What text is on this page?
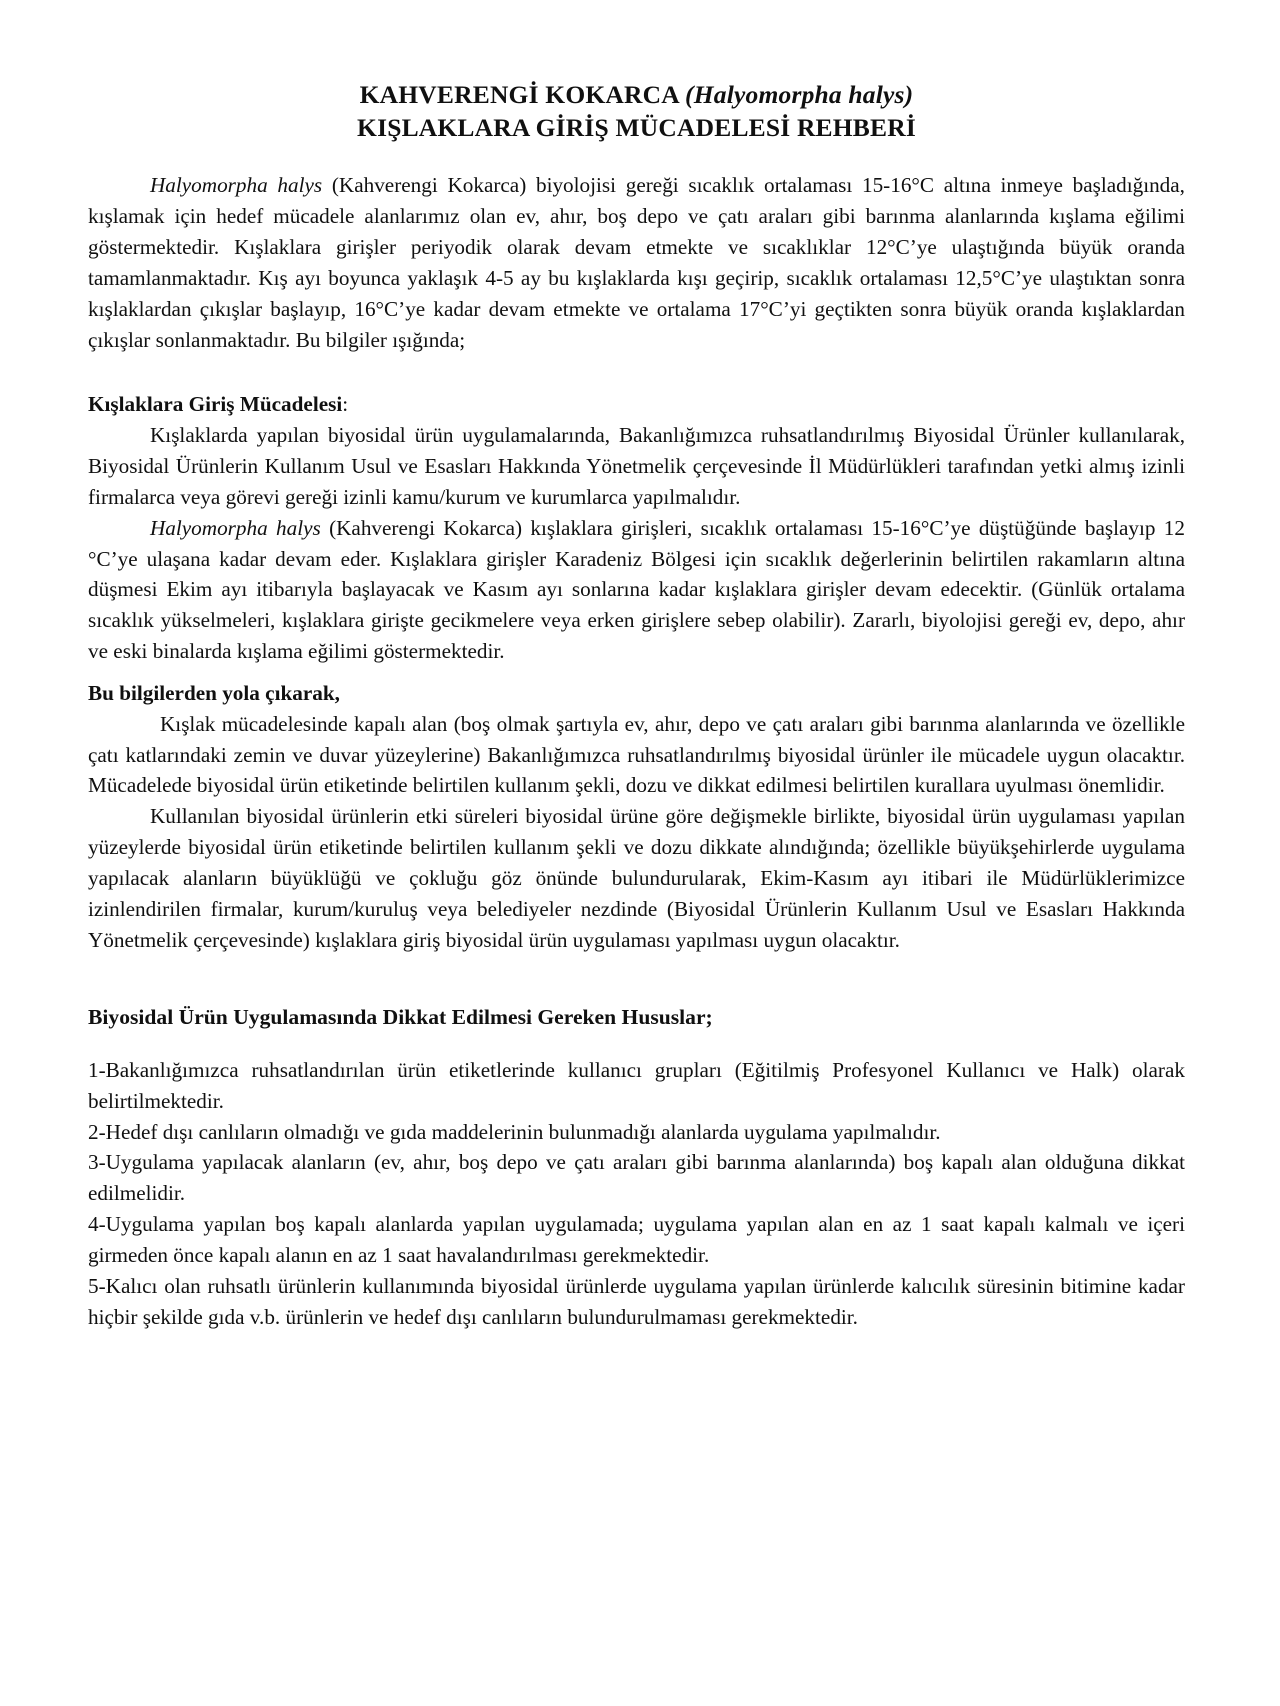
KAHVERENGİ KOKARCA (Halyomorpha halys)
KIŞLAKLARA GİRİŞ MÜCADELESİ REHBERİ

Halyomorpha halys (Kahverengi Kokarca) biyolojisi gereği sıcaklık ortalaması 15-16°C altına inmeye başladığında, kışlamak için hedef mücadele alanlarımız olan ev, ahır, boş depo ve çatı araları gibi barınma alanlarında kışlama eğilimi göstermektedir. Kışlaklara girişler periyodik olarak devam etmekte ve sıcaklıklar 12°C’ye ulaştığında büyük oranda tamamlanmaktadır. Kış ayı boyunca yaklaşık 4-5 ay bu kışlaklarda kışı geçirip, sıcaklık ortalaması 12,5°C’ye ulaştıktan sonra kışlaklardan çıkışlar başlayıp, 16°C’ye kadar devam etmekte ve ortalama 17°C’yi geçtikten sonra büyük oranda kışlaklardan çıkışlar sonlanmaktadır. Bu bilgiler ışığında;

Kışlaklara Giriş Mücadelesi:

Kışlaklarda yapılan biyosidal ürün uygulamalarında, Bakanlığımızca ruhsatlandırılmış Biyosidal Ürünler kullanılarak, Biyosidal Ürünlerin Kullanım Usul ve Esasları Hakkında Yönetmelik çerçevesinde İl Müdürlükleri tarafından yetki almış izinli firmalarca veya görevi gereği izinli kamu/kurum ve kurumlarca yapılmalıdır.

Halyomorpha halys (Kahverengi Kokarca) kışlaklara girişleri, sıcaklık ortalaması 15-16°C’ye düştüğünde başlayıp 12 °C’ye ulaşana kadar devam eder. Kışlaklara girişler Karadeniz Bölgesi için sıcaklık değerlerinin belirtilen rakamların altına düşmesi Ekim ayı itibarıyla başlayacak ve Kasım ayı sonlarına kadar kışlaklara girişler devam edecektir. (Günlük ortalama sıcaklık yükselmeleri, kışlaklara girişte gecikmelere veya erken girişlere sebep olabilir). Zararlı, biyolojisi gereği ev, depo, ahır ve eski binalarda kışlama eğilimi göstermektedir.

Bu bilgilerden yola çıkarak,

Kışlak mücadelesinde kapalı alan (boş olmak şartıyla ev, ahır, depo ve çatı araları gibi barınma alanlarında ve özellikle çatı katlarındaki zemin ve duvar yüzeylerine) Bakanlığımızca ruhsatlandırılmış biyosidal ürünler ile mücadele uygun olacaktır. Mücadelede biyosidal ürün etiketinde belirtilen kullanım şekli, dozu ve dikkat edilmesi belirtilen kurallara uyulması önemlidir.

Kullanılan biyosidal ürünlerin etki süreleri biyosidal ürüne göre değişmekle birlikte, biyosidal ürün uygulaması yapılan yüzeylerde biyosidal ürün etiketinde belirtilen kullanım şekli ve dozu dikkate alındığında; özellikle büyükşehirlerde uygulama yapılacak alanların büyüklüğü ve çokluğu göz önünde bulundurularak, Ekim-Kasım ayı itibari ile Müdürlüklerimizce izinlendirilen firmalar, kurum/kuruluş veya belediyeler nezdinde (Biyosidal Ürünlerin Kullanım Usul ve Esasları Hakkında Yönetmelik çerçevesinde) kışlaklara giriş biyosidal ürün uygulaması yapılması uygun olacaktır.

Biyosidal Ürün Uygulamasında Dikkat Edilmesi Gereken Hususlar;

1-Bakanlığımızca ruhsatlandırılan ürün etiketlerinde kullanıcı grupları (Eğitilmiş Profesyonel Kullanıcı ve Halk) olarak belirtilmektedir.

2-Hedef dışı canlıların olmadığı ve gıda maddelerinin bulunmadığı alanlarda uygulama yapılmalıdır.

3-Uygulama yapılacak alanların (ev, ahır, boş depo ve çatı araları gibi barınma alanlarında) boş kapalı alan olduğuna dikkat edilmelidir.

4-Uygulama yapılan boş kapalı alanlarda yapılan uygulamada; uygulama yapılan alan en az 1 saat kapalı kalmalı ve içeri girmeden önce kapalı alanın en az 1 saat havalandırılması gerekmektedir.

5-Kalıcı olan ruhsatlı ürünlerin kullanımında biyosidal ürünlerde uygulama yapılan ürünlerde kalıcılık süresinin bitimine kadar hiçbir şekilde gıda v.b. ürünlerin ve hedef dışı canlıların bulundurulmaması gerekmektedir.
